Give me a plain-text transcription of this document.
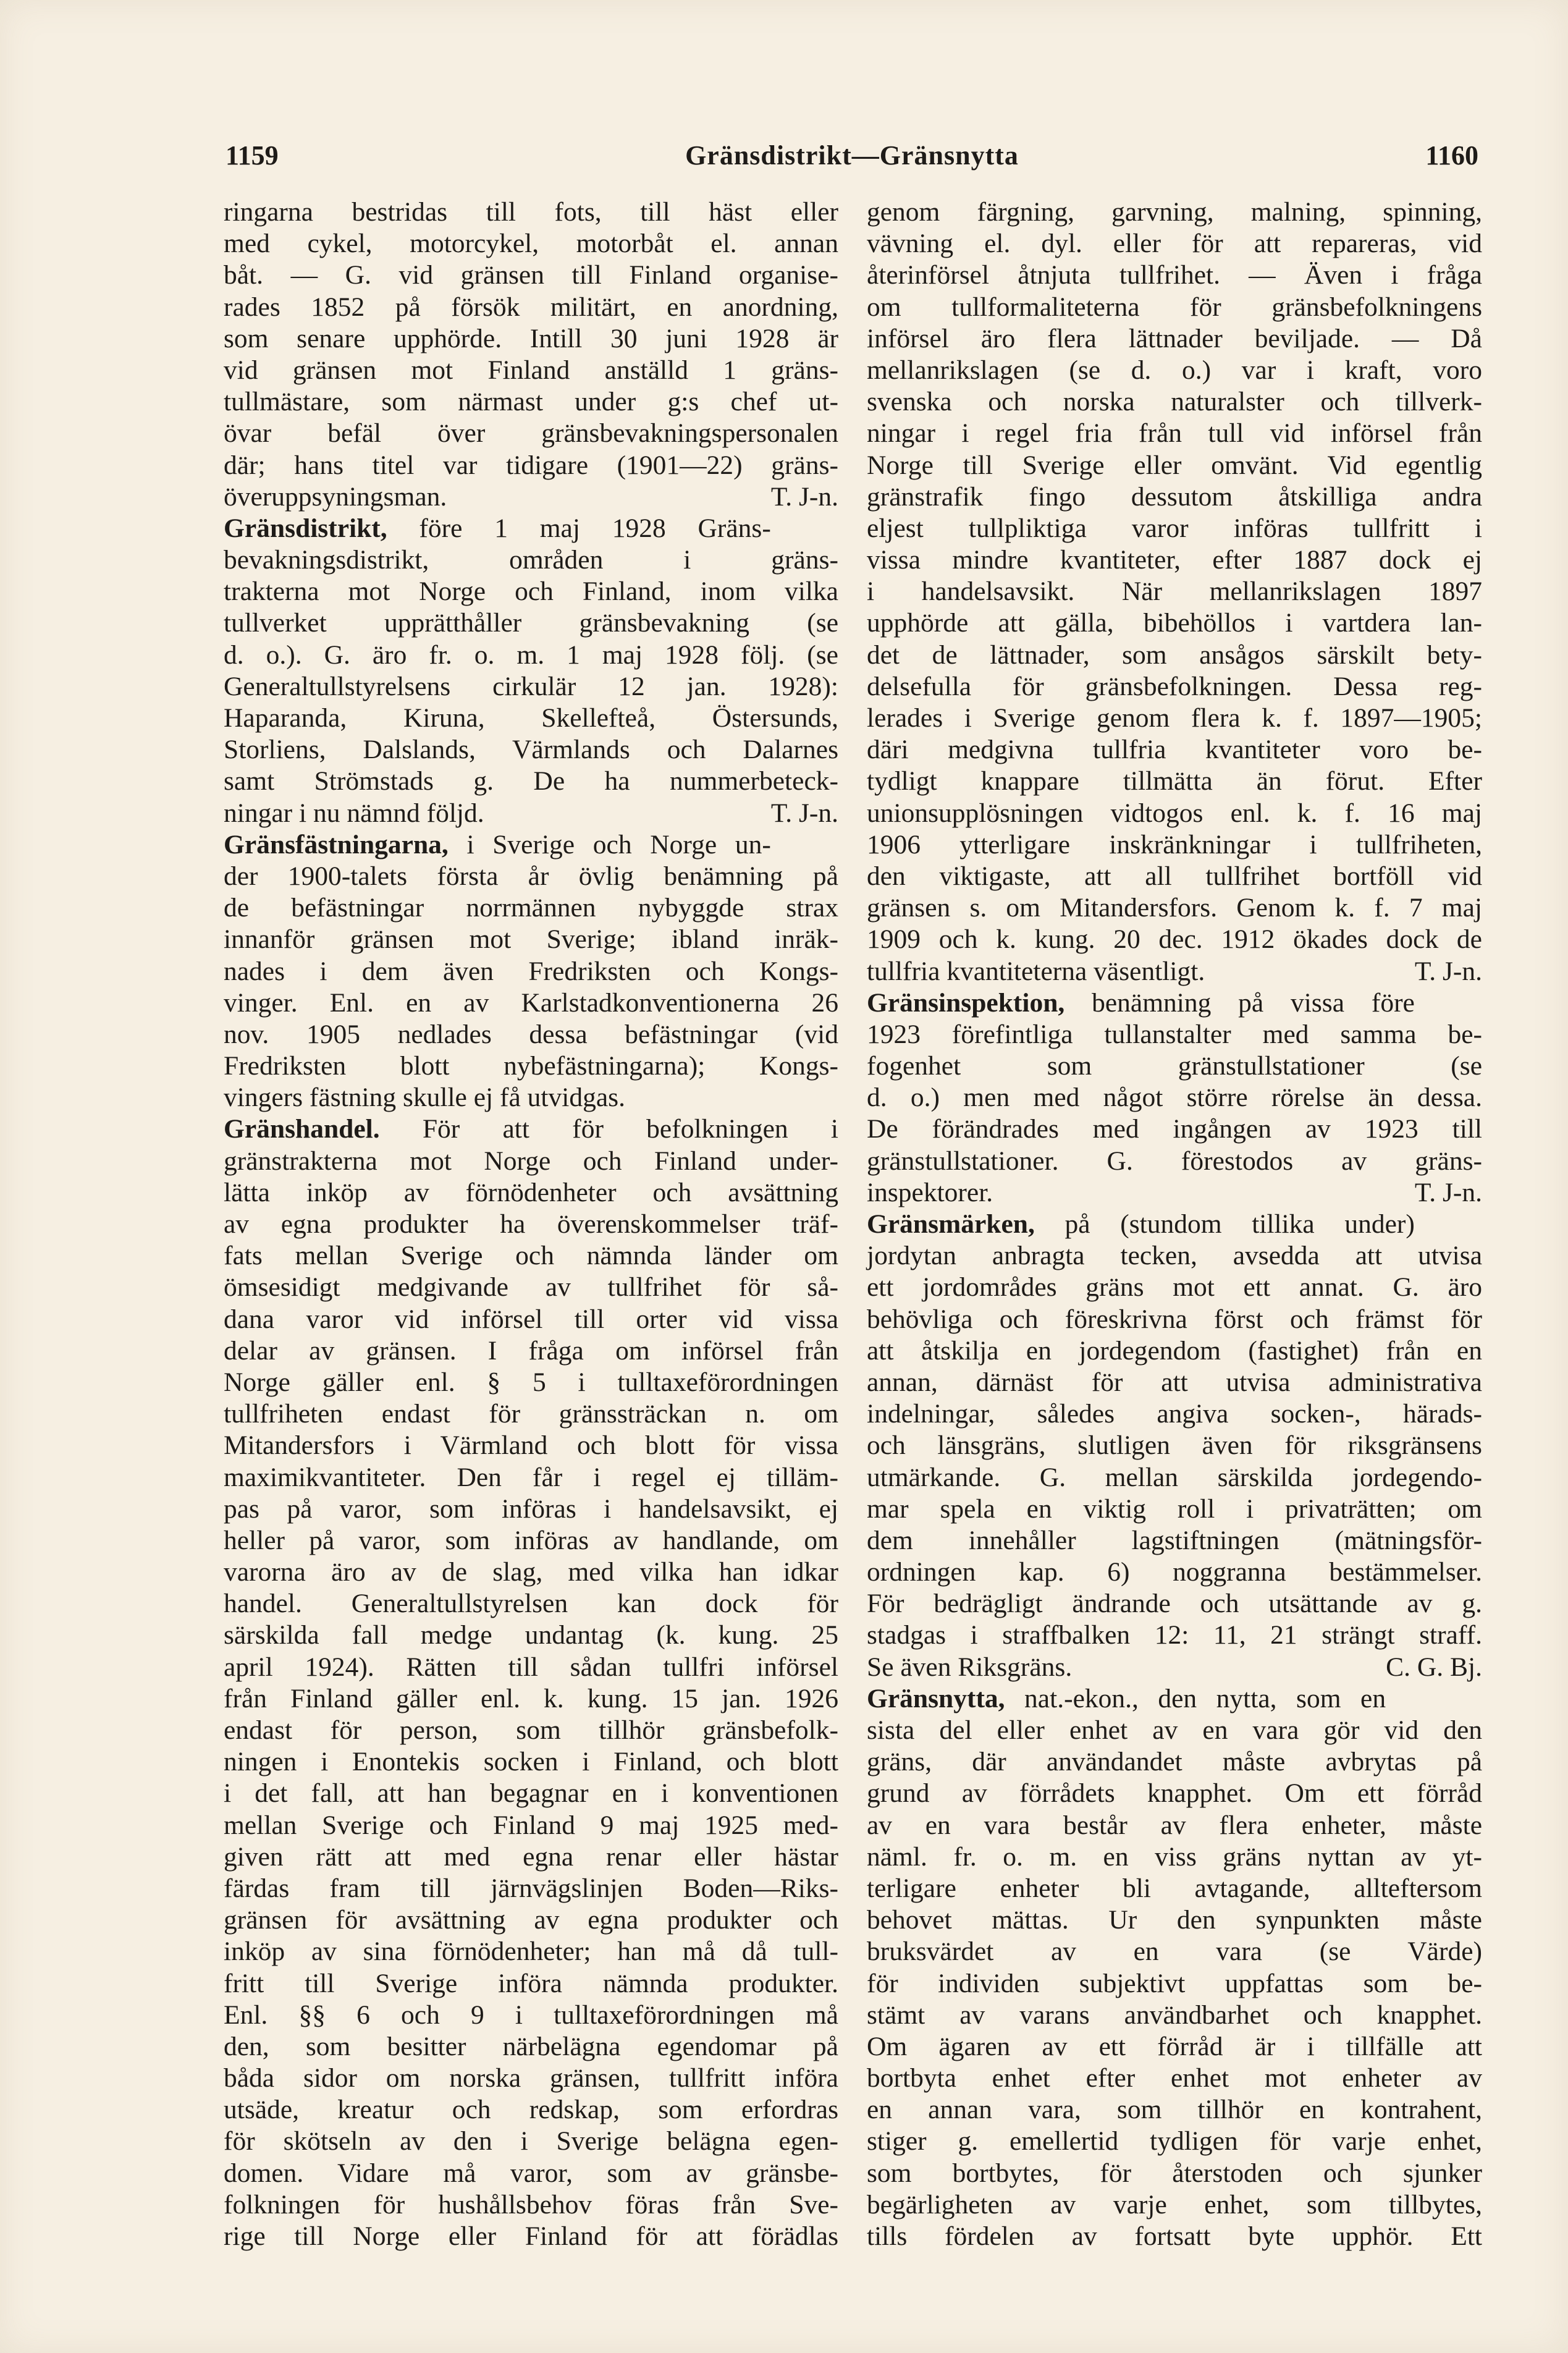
1159	Gränsdistrikt—Gränsnytta	1160
ringarna bestridas till fots, till häst eller
med cykel, motorcykel, motorbåt el. annan
båt. — G. vid gränsen till Finland organise-
rades 1852 på försök militärt, en anordning,
som senare upphörde. Intill 30 juni 1928 är
vid gränsen mot Finland anställd 1 gräns-
tullmästare, som närmast under g:s chef ut-
övar befäl över gränsbevakningspersonalen
där; hans titel var tidigare (1901—22) gräns-
överuppsyningsman.	T. J-n.
Gränsdistrikt, före 1 maj 1928 Gräns-
bevakningsdistrikt, områden i gräns-
trakterna mot Norge och Finland, inom vilka
tullverket upprätthåller gränsbevakning (se
d. o.). G. äro fr. o. m. 1 maj 1928 följ. (se
Generaltullstyrelsens cirkulär 12 jan. 1928):
Haparanda, Kiruna, Skellefteå, Östersunds,
Storliens, Dalslands, Värmlands och Dalarnes
samt Strömstads g. De ha nummerbeteck-
ningar i nu nämnd följd.	T. J-n.
Gränsfästningarna, i Sverige och Norge un-
der 1900-talets första år övlig benämning på
de befästningar norrmännen nybyggde strax
innanför gränsen mot Sverige; ibland inräk-
nades i dem även Fredriksten och Kongs-
vinger. Enl. en av Karlstadkonventionerna 26
nov. 1905 nedlades dessa befästningar (vid
Fredriksten blott nybefästningarna); Kongs-
vingers fästning skulle ej få utvidgas.
Gränshandel. För att för befolkningen i
gränstrakterna mot Norge och Finland under-
lätta inköp av förnödenheter och avsättning
av egna produkter ha överenskommelser träf-
fats mellan Sverige och nämnda länder om
ömsesidigt medgivande av tullfrihet för så-
dana varor vid införsel till orter vid vissa
delar av gränsen. I fråga om införsel från
Norge gäller enl. § 5 i tulltaxeförordningen
tullfriheten endast för gränssträckan n. om
Mitandersfors i Värmland och blott för vissa
maximikvantiteter. Den får i regel ej tilläm-
pas på varor, som införas i handelsavsikt, ej
heller på varor, som införas av handlande, om
varorna äro av de slag, med vilka han idkar
handel. Generaltullstyrelsen kan dock för
särskilda fall medge undantag (k. kung. 25
april 1924). Rätten till sådan tullfri införsel
från Finland gäller enl. k. kung. 15 jan. 1926
endast för person, som tillhör gränsbefolk-
ningen i Enontekis socken i Finland, och blott
i det fall, att han begagnar en i konventionen
mellan Sverige och Finland 9 maj 1925 med-
given rätt att med egna renar eller hästar
färdas fram till järnvägslinjen Boden—Riks-
gränsen för avsättning av egna produkter och
inköp av sina förnödenheter; han må då tull-
fritt till Sverige införa nämnda produkter.
Enl. §§ 6 och 9 i tulltaxeförordningen må
den, som besitter närbelägna egendomar på
båda sidor om norska gränsen, tullfritt införa
utsäde, kreatur och redskap, som erfordras
för skötseln av den i Sverige belägna egen-
domen. Vidare må varor, som av gränsbe-
folkningen för hushållsbehov föras från Sve-
rige till Norge eller Finland för att förädlas
genom färgning, garvning, malning, spinning,
vävning el. dyl. eller för att repareras, vid
återinförsel åtnjuta tullfrihet. — Även i fråga
om tullformaliteterna för gränsbefolkningens
införsel äro flera lättnader beviljade. — Då
mellanrikslagen (se d. o.) var i kraft, voro
svenska och norska naturalster och tillverk-
ningar i regel fria från tull vid införsel från
Norge till Sverige eller omvänt. Vid egentlig
gränstrafik fingo dessutom åtskilliga andra
eljest tullpliktiga varor införas tullfritt i
vissa mindre kvantiteter, efter 1887 dock ej
i handelsavsikt. När mellanrikslagen 1897
upphörde att gälla, bibehöllos i vartdera lan-
det de lättnader, som ansågos särskilt bety-
delsefulla för gränsbefolkningen. Dessa reg-
lerades i Sverige genom flera k. f. 1897—1905;
däri medgivna tullfria kvantiteter voro be-
tydligt knappare tillmätta än förut. Efter
unionsupplösningen vidtogos enl. k. f. 16 maj
1906 ytterligare inskränkningar i tullfriheten,
den viktigaste, att all tullfrihet bortföll vid
gränsen s. om Mitandersfors. Genom k. f. 7 maj
1909 och k. kung. 20 dec. 1912 ökades dock de
tullfria kvantiteterna väsentligt.	T. J-n.
Gränsinspektion, benämning på vissa före
1923 förefintliga tullanstalter med samma be-
fogenhet som gränstullstationer (se
d. o.) men med något större rörelse än dessa.
De förändrades med ingången av 1923 till
gränstullstationer. G. förestodos av gräns-
inspektorer.	T. J-n.
Gränsmärken, på (stundom tillika under)
jordytan anbragta tecken, avsedda att utvisa
ett jordområdes gräns mot ett annat. G. äro
behövliga och föreskrivna först och främst för
att åtskilja en jordegendom (fastighet) från en
annan, därnäst för att utvisa administrativa
indelningar, således angiva socken-, härads-
och länsgräns, slutligen även för riksgränsens
utmärkande. G. mellan särskilda jordegendo-
mar spela en viktig roll i privaträtten; om
dem innehåller lagstiftningen (mätningsför-
ordningen kap. 6) noggranna bestämmelser.
För bedrägligt ändrande och utsättande av g.
stadgas i straffbalken 12: 11, 21 strängt straff.
Se även Riksgräns.	C. G. Bj.
Gränsnytta, nat.-ekon., den nytta, som en
sista del eller enhet av en vara gör vid den
gräns, där användandet måste avbrytas på
grund av förrådets knapphet. Om ett förråd
av en vara består av flera enheter, måste
näml. fr. o. m. en viss gräns nyttan av yt-
terligare enheter bli avtagande, allteftersom
behovet mättas. Ur den synpunkten måste
bruksvärdet av en vara (se Värde)
för individen subjektivt uppfattas som be-
stämt av varans användbarhet och knapphet.
Om ägaren av ett förråd är i tillfälle att
bortbyta enhet efter enhet mot enheter av
en annan vara, som tillhör en kontrahent,
stiger g. emellertid tydligen för varje enhet,
som bortbytes, för återstoden och sjunker
begärligheten av varje enhet, som tillbytes,
tills fördelen av fortsatt byte upphör. Ett
